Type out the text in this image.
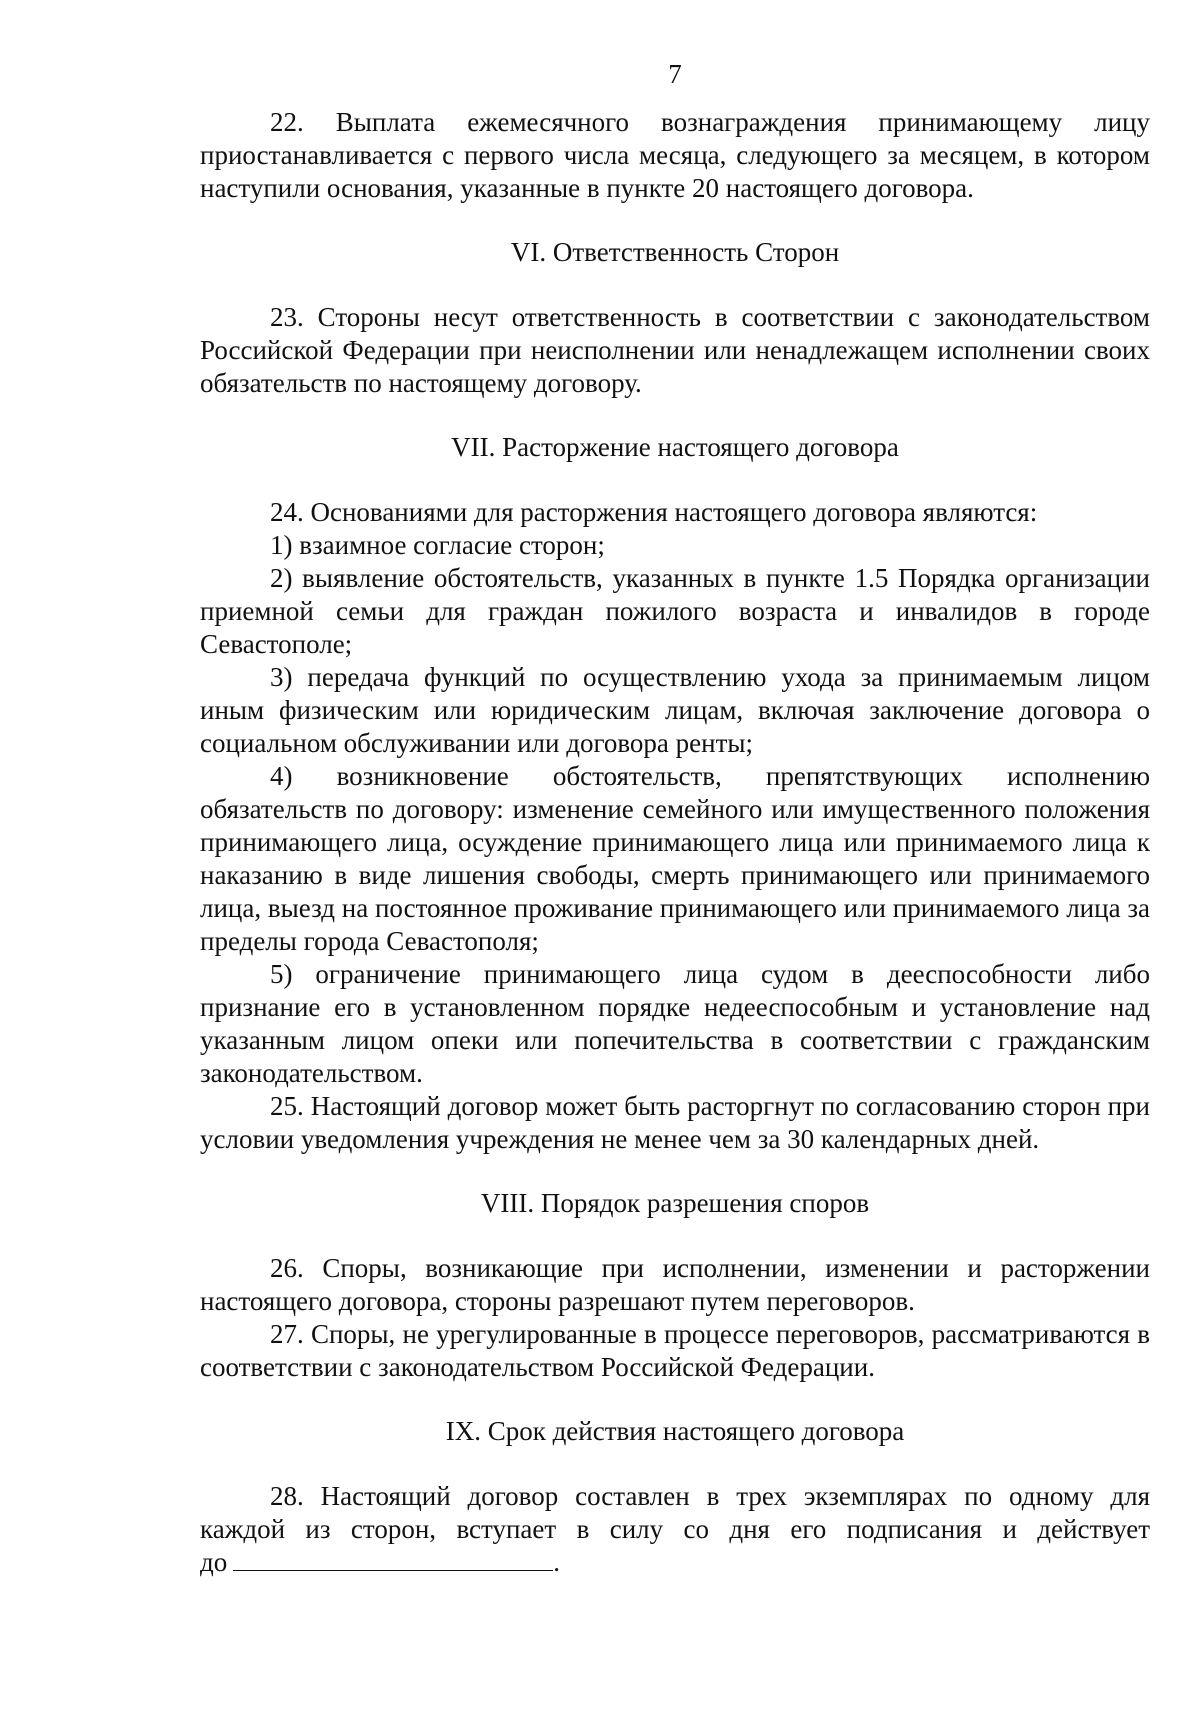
7

22. Выплата ежемесячного вознаграждения принимающему лицу приостанавливается с первого числа месяца, следующего за месяцем, в котором наступили основания, указанные в пункте 20 настоящего договора.

VI. Ответственность Сторон

23. Стороны несут ответственность в соответствии с законодательством Российской Федерации при неисполнении или ненадлежащем исполнении своих обязательств по настоящему договору.

VII. Расторжение настоящего договора

24. Основаниями для расторжения настоящего договора являются:

1) взаимное согласие сторон;

2) выявление обстоятельств, указанных в пункте 1.5 Порядка организации приемной семьи для граждан пожилого возраста и инвалидов в городе Севастополе;

3) передача функций по осуществлению ухода за принимаемым лицом иным физическим или юридическим лицам, включая заключение договора о социальном обслуживании или договора ренты;

4) возникновение обстоятельств, препятствующих исполнению обязательств по договору: изменение семейного или имущественного положения принимающего лица, осуждение принимающего лица или принимаемого лица к наказанию в виде лишения свободы, смерть принимающего или принимаемого лица, выезд на постоянное проживание принимающего или принимаемого лица за пределы города Севастополя;

5) ограничение принимающего лица судом в дееспособности либо признание его в установленном порядке недееспособным и установление над указанным лицом опеки или попечительства в соответствии с гражданским законодательством.

25. Настоящий договор может быть расторгнут по согласованию сторон при условии уведомления учреждения не менее чем за 30 календарных дней.

VIII. Порядок разрешения споров

26. Споры, возникающие при исполнении, изменении и расторжении настоящего договора, стороны разрешают путем переговоров.

27. Споры, не урегулированные в процессе переговоров, рассматриваются в соответствии с законодательством Российской Федерации.

IX. Срок действия настоящего договора

28. Настоящий договор составлен в трех экземплярах по одному для каждой из сторон, вступает в силу со дня его подписания и действует

до	.
